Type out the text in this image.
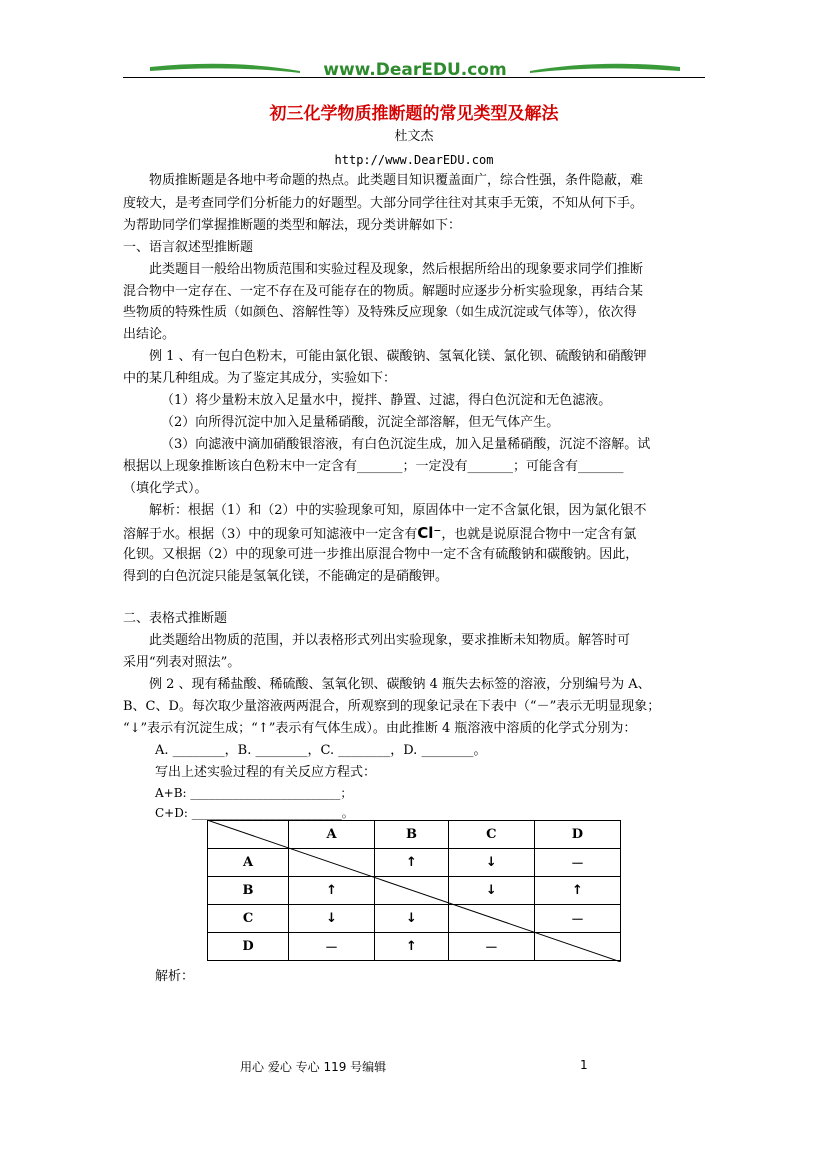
www.DearEDU.com
初三化学物质推断题的常见类型及解法
杜文杰
http://www.DearEDU.com
物质推断题是各地中考命题的热点。此类题目知识覆盖面广，综合性强，条件隐蔽，难
度较大，是考查同学们分析能力的好题型。大部分同学往往对其束手无策，不知从何下手。
为帮助同学们掌握推断题的类型和解法，现分类讲解如下：
一、语言叙述型推断题
此类题目一般给出物质范围和实验过程及现象，然后根据所给出的现象要求同学们推断
混合物中一定存在、一定不存在及可能存在的物质。解题时应逐步分析实验现象，再结合某
些物质的特殊性质（如颜色、溶解性等）及特殊反应现象（如生成沉淀或气体等），依次得
出结论。
例 1 、有一包白色粉末，可能由氯化银、碳酸钠、氢氧化镁、氯化钡、硫酸钠和硝酸钾
中的某几种组成。为了鉴定其成分，实验如下：
（1）将少量粉末放入足量水中，搅拌、静置、过滤，得白色沉淀和无色滤液。
（2）向所得沉淀中加入足量稀硝酸，沉淀全部溶解，但无气体产生。
（3）向滤液中滴加硝酸银溶液，有白色沉淀生成，加入足量稀硝酸，沉淀不溶解。试
根据以上现象推断该白色粉末中一定含有_______；一定没有_______；可能含有_______
（填化学式）。
解析：根据（1）和（2）中的实验现象可知，原固体中一定不含氯化银，因为氯化银不
溶解于水。根据（3）中的现象可知滤液中一定含有Cl⁻，也就是说原混合物中一定含有氯
化钡。又根据（2）中的现象可进一步推出原混合物中一定不含有硫酸钠和碳酸钠。因此，
得到的白色沉淀只能是氢氧化镁，不能确定的是硝酸钾。
二、表格式推断题
此类题给出物质的范围，并以表格形式列出实验现象，要求推断未知物质。解答时可
采用“列表对照法”。
例 2 、现有稀盐酸、稀硫酸、氢氧化钡、碳酸钠 4 瓶失去标签的溶液，分别编号为 A、
B、C、D。每次取少量溶液两两混合，所观察到的现象记录在下表中（“－”表示无明显现象；
“↓”表示有沉淀生成；“↑”表示有气体生成）。由此推断 4 瓶溶液中溶质的化学式分别为：
A. ________，B. ________，C. ________，D. ________。
写出上述实验过程的有关反应方程式：
A+B: _________________________；
C+D: _________________________。
	A	B	C	D
A		↑	↓	－
B	↑		↓	↑
C	↓	↓		－
D	－	↑	－	
解析：
用心 爱心 专心 119 号编辑	1
